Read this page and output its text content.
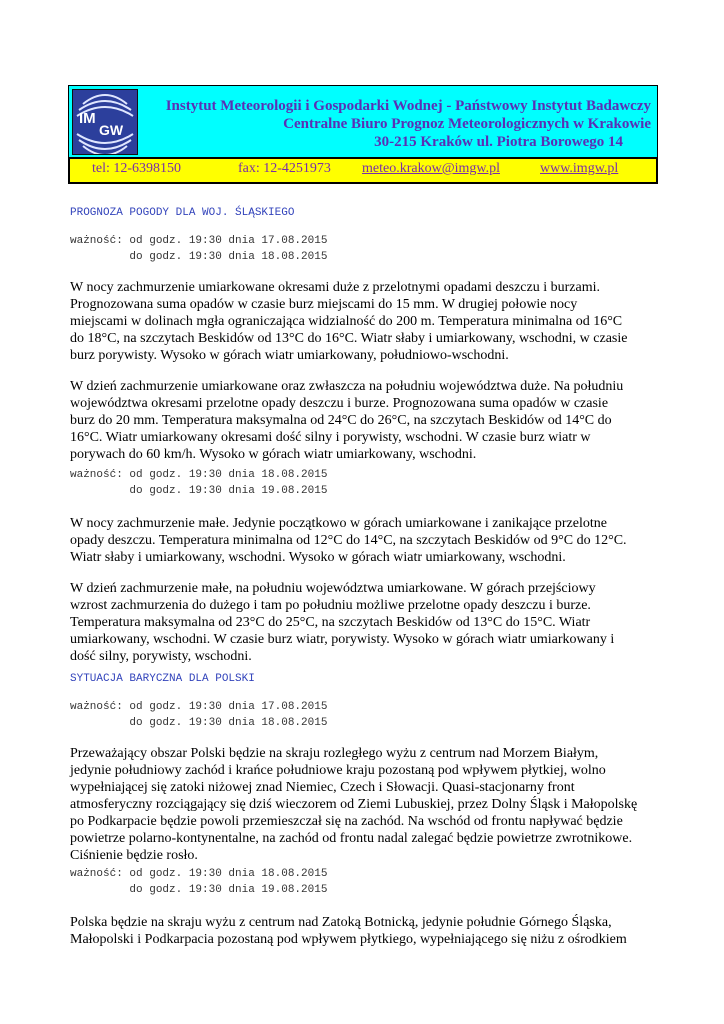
IM
GW
Instytut Meteorologii i Gospodarki Wodnej - Państwowy Instytut Badawczy
Centralne Biuro Prognoz Meteorologicznych w Krakowie
30-215 Kraków ul. Piotra Borowego 14
tel: 12-6398150	fax: 12-4251973 meteo.krakow@imgw.pl	www.imgw.pl
PROGNOZA POGODY DLA WOJ. ŚLĄSKIEGO
ważność: od godz. 19:30 dnia 17.08.2015
do godz. 19:30 dnia 18.08.2015
W nocy zachmurzenie umiarkowane okresami duże z przelotnymi opadami deszczu i burzami.
Prognozowana suma opadów w czasie burz miejscami do 15 mm. W drugiej połowie nocy
miejscami w dolinach mgła ograniczająca widzialność do 200 m. Temperatura minimalna od 16°C
do 18°C, na szczytach Beskidów od 13°C do 16°C. Wiatr słaby i umiarkowany, wschodni, w czasie
burz porywisty. Wysoko w górach wiatr umiarkowany, południowo-wschodni.
W dzień zachmurzenie umiarkowane oraz zwłaszcza na południu województwa duże. Na południu
województwa okresami przelotne opady deszczu i burze. Prognozowana suma opadów w czasie
burz do 20 mm. Temperatura maksymalna od 24°C do 26°C, na szczytach Beskidów od 14°C do
16°C. Wiatr umiarkowany okresami dość silny i porywisty, wschodni. W czasie burz wiatr w
porywach do 60 km/h. Wysoko w górach wiatr umiarkowany, wschodni.
ważność: od godz. 19:30 dnia 18.08.2015
do godz. 19:30 dnia 19.08.2015
W nocy zachmurzenie małe. Jedynie początkowo w górach umiarkowane i zanikające przelotne
opady deszczu. Temperatura minimalna od 12°C do 14°C, na szczytach Beskidów od 9°C do 12°C.
Wiatr słaby i umiarkowany, wschodni. Wysoko w górach wiatr umiarkowany, wschodni.
W dzień zachmurzenie małe, na południu województwa umiarkowane. W górach przejściowy
wzrost zachmurzenia do dużego i tam po południu możliwe przelotne opady deszczu i burze.
Temperatura maksymalna od 23°C do 25°C, na szczytach Beskidów od 13°C do 15°C. Wiatr
umiarkowany, wschodni. W czasie burz wiatr, porywisty. Wysoko w górach wiatr umiarkowany i
dość silny, porywisty, wschodni.
SYTUACJA BARYCZNA DLA POLSKI
ważność: od godz. 19:30 dnia 17.08.2015
do godz. 19:30 dnia 18.08.2015
Przeważający obszar Polski będzie na skraju rozległego wyżu z centrum nad Morzem Białym,
jedynie południowy zachód i krańce południowe kraju pozostaną pod wpływem płytkiej, wolno
wypełniającej się zatoki niżowej znad Niemiec, Czech i Słowacji. Quasi-stacjonarny front
atmosferyczny rozciągający się dziś wieczorem od Ziemi Lubuskiej, przez Dolny Śląsk i Małopolskę
po Podkarpacie będzie powoli przemieszczał się na zachód. Na wschód od frontu napływać będzie
powietrze polarno-kontynentalne, na zachód od frontu nadal zalegać będzie powietrze zwrotnikowe.
Ciśnienie będzie rosło.
ważność: od godz. 19:30 dnia 18.08.2015
do godz. 19:30 dnia 19.08.2015
Polska będzie na skraju wyżu z centrum nad Zatoką Botnicką, jedynie południe Górnego Śląska,
Małopolski i Podkarpacia pozostaną pod wpływem płytkiego, wypełniającego się niżu z ośrodkiem
